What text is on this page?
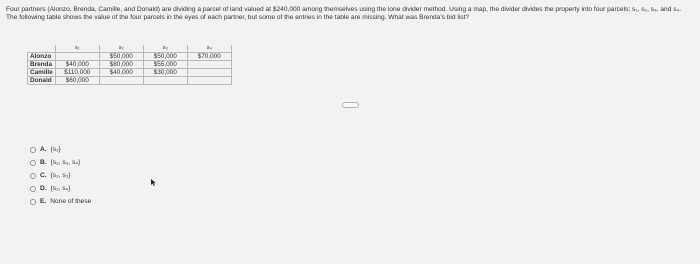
Four partners (Alonzo, Brenda, Camille, and Donald) are dividing a parcel of land valued at $240,000 among themselves using the lone divider method. Using a map, the divider divides the property into four parcels; s₁, s₂, s₃, and s₄. The following table shows the value of the four parcels in the eyes of each partner, but some of the entries in the table are missing. What was Brenda's bid list?
	s₁	s₂	s₃	s₄
Alonzo		$50,000	$50,000	$70,000
Brenda	$40,000	$80,000	$55,000	
Camille	$110,000	$40,000	$30,000	
Donald	$60,000			
A. {s₂}
B. {s₂, s₃, s₄}
C. {s₂, s₃}
D. {s₂, s₄}
E. None of these
